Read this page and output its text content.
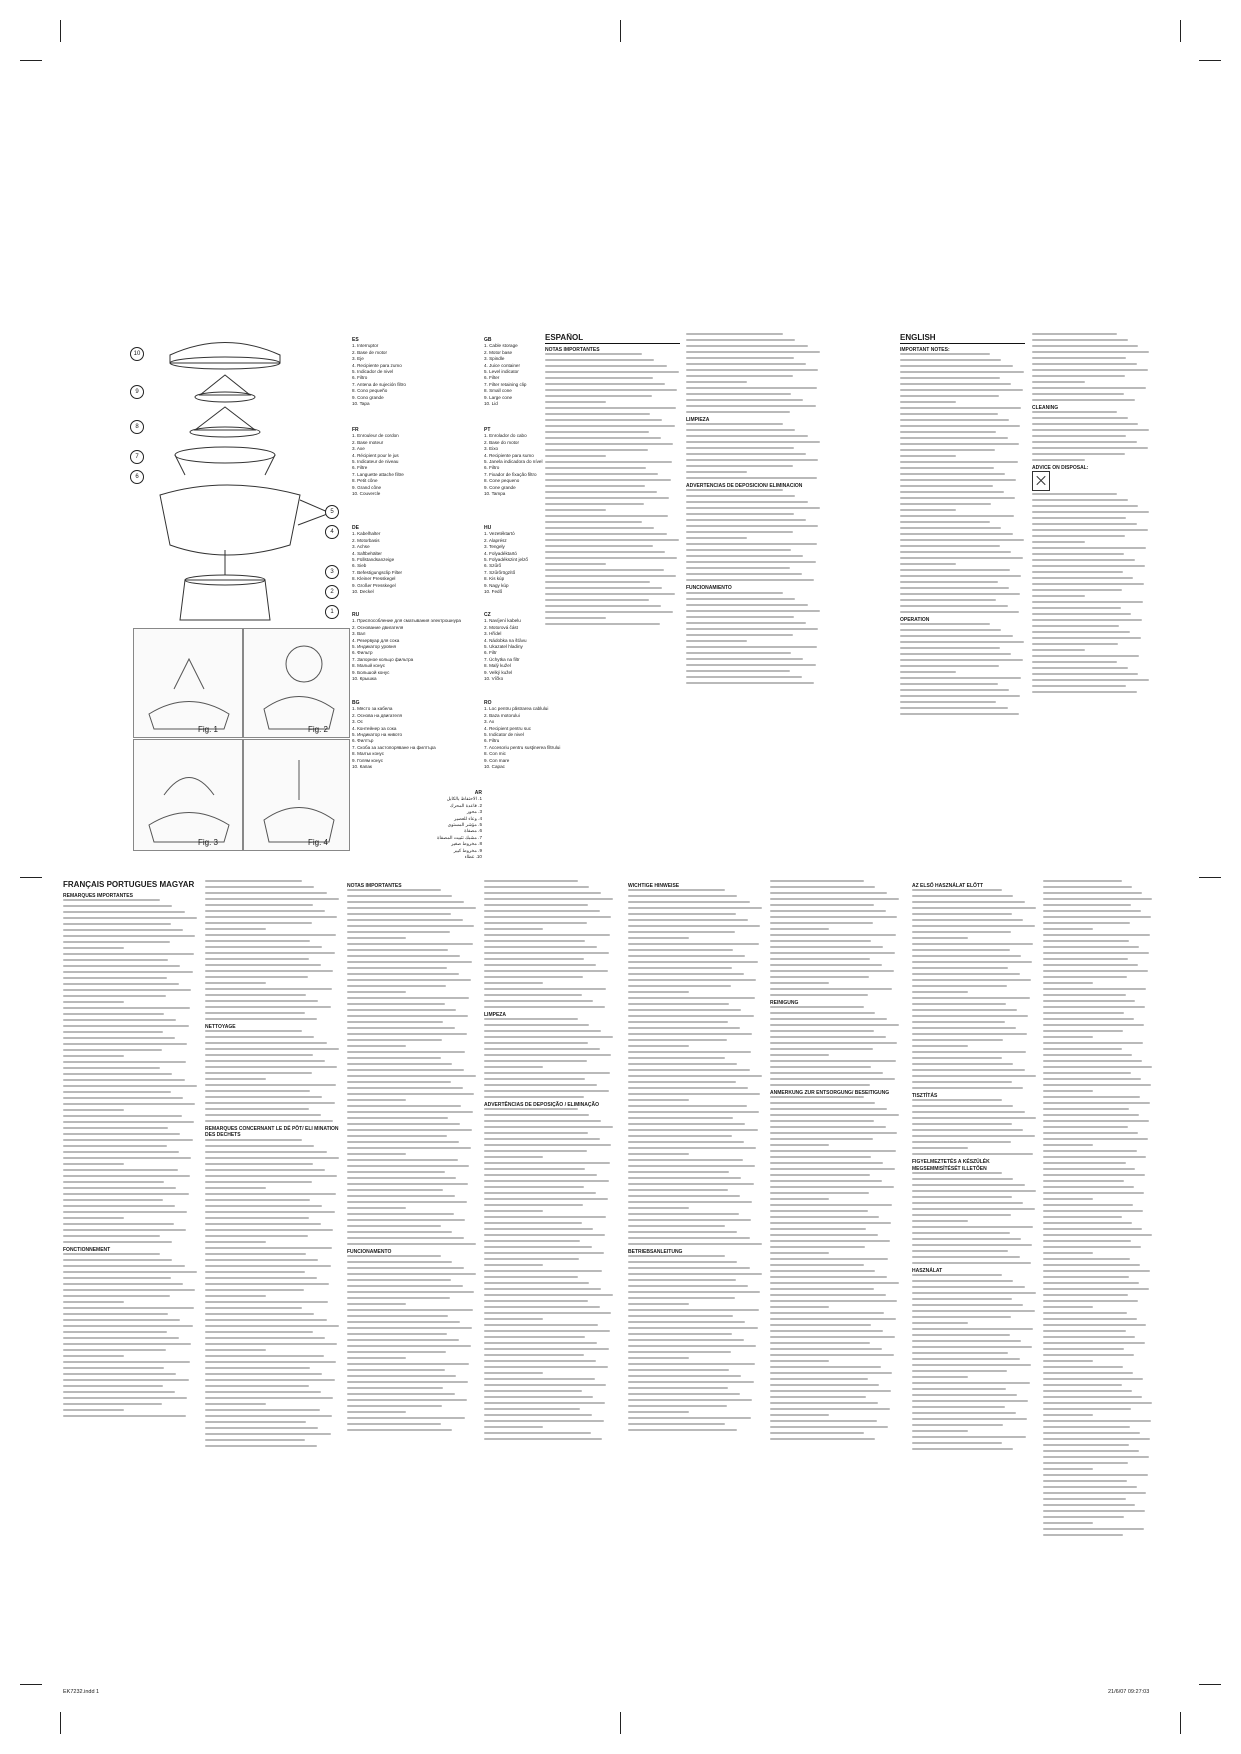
10
9
8
7
6
5
4
3
2
1
Fig. 1	Fig. 2
Fig. 3	Fig. 4
ES
1. Interruptor
2. Base de motor
3. Eje
4. Recipiente para zumo
5. Indicador de nivel
6. Filtro
7. Antena de sujeción filtro
8. Cono pequeño
9. Cono grande
10. Tapa
GB
1. Cable storage
2. Motor base
3. Spindle
4. Juice container
5. Level indicator
6. Filter
7. Filter retaining clip
8. Small cone
9. Large cone
10. Lid
FR
1. Enrouleur de cordon
2. Base moteur
3. Axe
4. Récipient pour le jus
5. Indicateur de niveau
6. Filtre
7. Languette attache filtre
8. Petit cône
9. Grand cône
10. Couvercle
PT
1. Enrolador do cabo
2. Base do motor
3. Eixo
4. Recipiente para sumo
5. Janela indicadora do nível
6. Filtro
7. Fixador de fixação filtro
8. Cone pequeno
9. Cone grande
10. Tampa
DE
1. Kabelhalter
2. Motorbasis
3. Achse
4. Saftbehälter
5. Füllstandsanzeige
6. Sieb
7. Befestigungsclip Filter
8. Kleiner Presskegel
9. Großer Presskegel
10. Deckel
HU
1. Vezetéktartó
2. Alaprész
3. Tengely
4. Folyadéktartó
5. Folyadékszint jelző
6. Szűrő
7. Szűrőrögzítő
8. Kis kúp
9. Nagy kúp
10. Fedő
RU
1. Приспособление для сматывания электрошнура
2. Основание двигателя
3. Вал
4. Резервуар для сока
5. Индикатор уровня
6. Фильтр
7. Запорное кольцо фильтра
8. Малый конус
9. Большой конус
10. Крышка
CZ
1. Navíjení kabelu
2. Motorová část
3. Hřídel
4. Nádobka na šťávu
5. Ukazatel hladiny
6. Filtr
7. Úchytka na filtr
8. Malý kužel
9. Velký kužel
10. Víčko
BG
1. Място за кабела
2. Основа на двигателя
3. Ос
4. Контейнер за сока
5. Индикатор на нивото
6. Филтър
7. Скоба за застопоряване на филтъра
8. Малък конус
9. Голям конус
10. Капак
RO
1. Loc pentru păstrarea cablului
2. Baza motorului
3. Ax
4. Recipient pentru suc
5. Indicator de nivel
6. Filtru
7. Accesoriu pentru susţinerea filtrului
8. Con mic
9. Con mare
10. Capac
AR
1. الاحتفاظ بالكابل
2. قاعدة المحرك
3. محور
4. وعاء للعصير
5. مؤشر المستوى
6. مصفاة
7. مشبك تثبيت المصفاة
8. مخروط صغير
9. مخروط كبير
10. غطاء
ESPAÑOL
NOTAS IMPORTANTES
LIMPIEZA
ADVERTENCIAS DE DEPOSICION/ ELIMINACION
FUNCIONAMIENTO
ENGLISH
IMPORTANT NOTES:
OPERATION
CLEANING
ADVICE ON DISPOSAL:

FRANÇAIS PORTUGUES MAGYAR
REMARQUES IMPORTANTES
FONCTIONNEMENT
NETTOYAGE
REMARQUES CONCERNANT LE DÉ PÔT/ ELI MINATION DES DECHETS
NOTAS IMPORTANTES
FUNCIONAMENTO
LIMPEZA
ADVERTÊNCIAS DE DEPOSIÇÃO / ELIMINAÇÃO
WICHTIGE HINWEISE
BETRIEBSANLEITUNG
REINIGUNG
ANMERKUNG ZUR ENTSORGUNG/ BESEITIGUNG
AZ ELSŐ HASZNÁLAT ELŐTT
TISZTÍTÁS
FIGYELMEZTETÉS A KÉSZÜLÉK MEGSEMMISÍTÉSÉT ILLETŐEN
HASZNÁLAT
EK7232.indd 1	21/6/07 09:27:03
